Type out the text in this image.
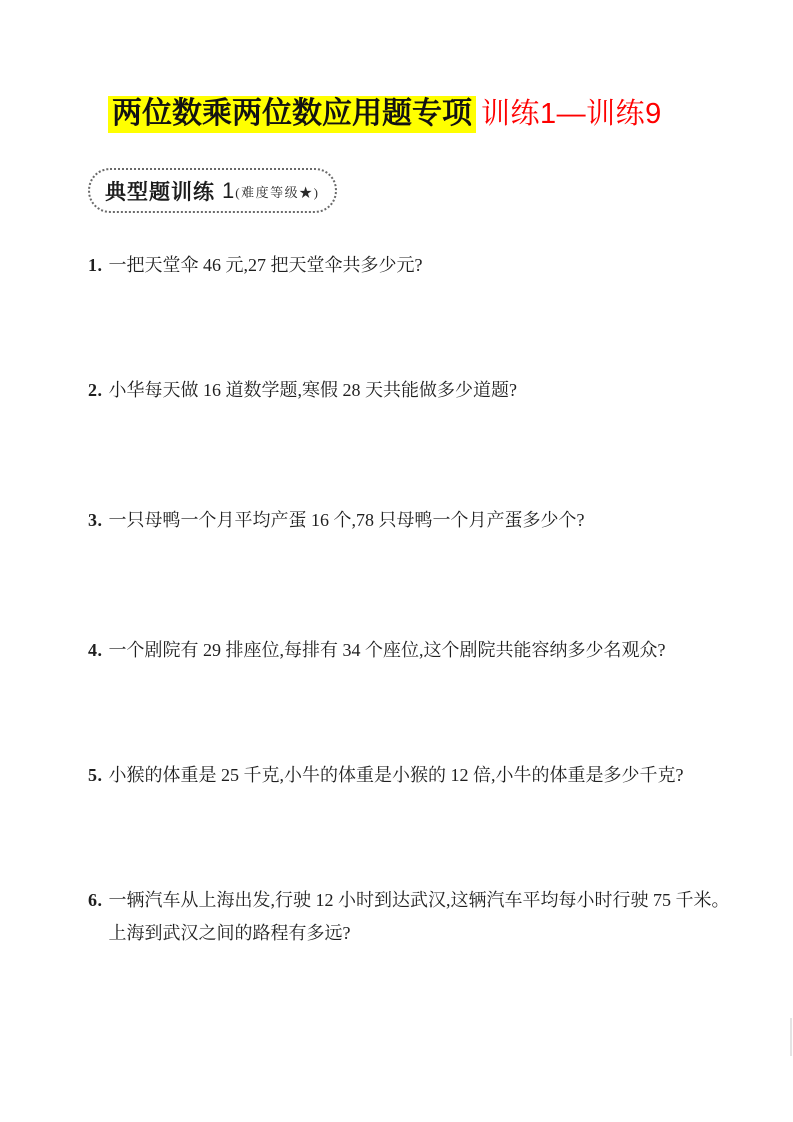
两位数乘两位数应用题专项 训练1—训练9
典型题训练 1 (难度等级★)
1. 一把天堂伞 46 元,27 把天堂伞共多少元?

2. 小华每天做 16 道数学题,寒假 28 天共能做多少道题?

3. 一只母鸭一个月平均产蛋 16 个,78 只母鸭一个月产蛋多少个?

4. 一个剧院有 29 排座位,每排有 34 个座位,这个剧院共能容纳多少名观众?

5. 小猴的体重是 25 千克,小牛的体重是小猴的 12 倍,小牛的体重是多少千克?

6. 一辆汽车从上海出发,行驶 12 小时到达武汉,这辆汽车平均每小时行驶 75 千米。

上海到武汉之间的路程有多远?
